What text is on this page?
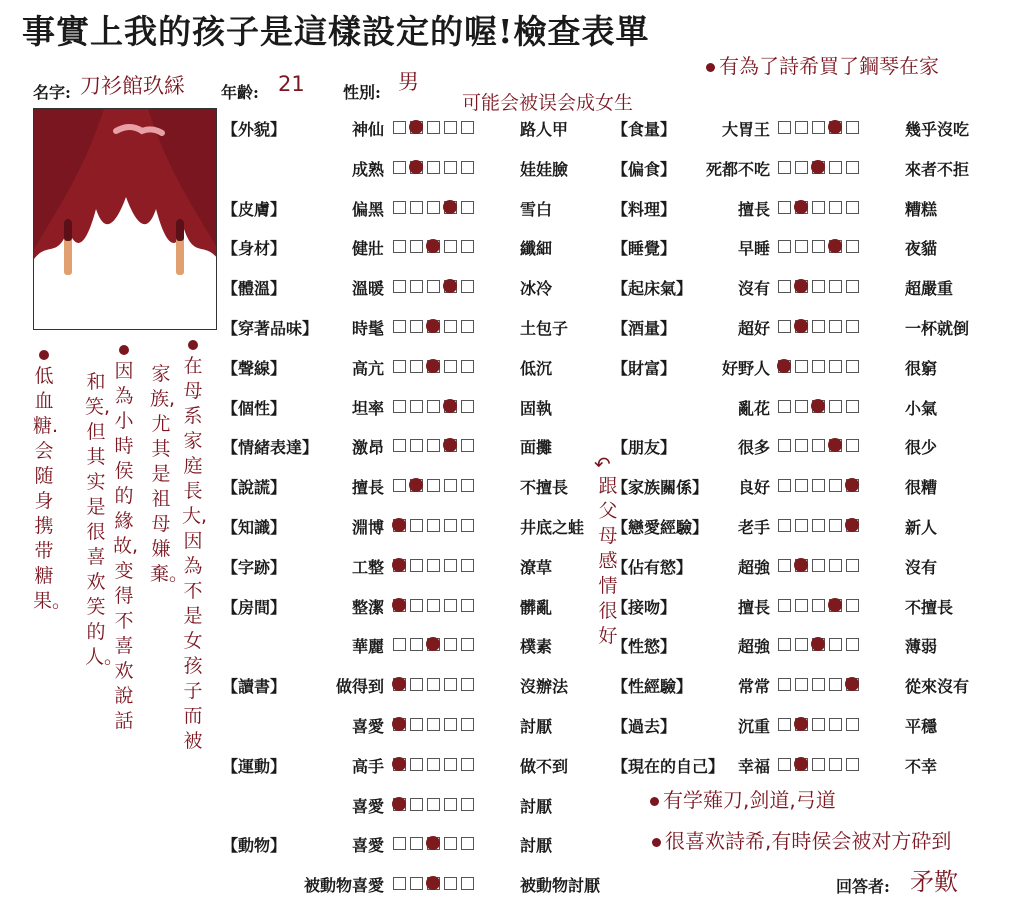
事實上我的孩子是這樣設定的喔!檢查表單
名字: 刀衫館玖綵 年齡: 21 性別: 男
有為了詩希買了鋼琴在家
可能会被误会成女生
有学薙刀,剑道,弓道
很喜欢詩希,有時侯会被对方砕到
低血糖.会随身携带糖果。
和笑,但其实是很喜欢笑的人。
因為小時侯的緣故,变得不喜欢說話
家族,尤其是祖母嫌棄。
在母系家庭長大,因為不是女孩子而被
↶
跟父母感情很好
【外貌】	神仙	路人甲
成熟	娃娃臉
【皮膚】	偏黑	雪白
【身材】	健壯	纖細
【體溫】	溫暖	冰冷
【穿著品味】	時髦	土包子
【聲線】	高亢	低沉
【個性】	坦率	固執
【情緒表達】	激昂	面攤
【說謊】	擅長	不擅長
【知識】	淵博	井底之蛙
【字跡】	工整	潦草
【房間】	整潔	髒亂
華麗	樸素
【讀書】	做得到	沒辦法
喜愛	討厭
【運動】	高手	做不到
喜愛	討厭
【動物】	喜愛	討厭
被動物喜愛	被動物討厭
【食量】	大胃王	幾乎沒吃
【偏食】	死都不吃	來者不拒
【料理】	擅長	糟糕
【睡覺】	早睡	夜貓
【起床氣】	沒有	超嚴重
【酒量】	超好	一杯就倒
【財富】	好野人	很窮
亂花	小氣
【朋友】	很多	很少
【家族關係】	良好	很糟
【戀愛經驗】	老手	新人
【佔有慾】	超強	沒有
【接吻】	擅長	不擅長
【性慾】	超強	薄弱
【性經驗】	常常	從來沒有
【過去】	沉重	平穩
【現在的自己】 幸福	不幸
回答者: 矛歎
